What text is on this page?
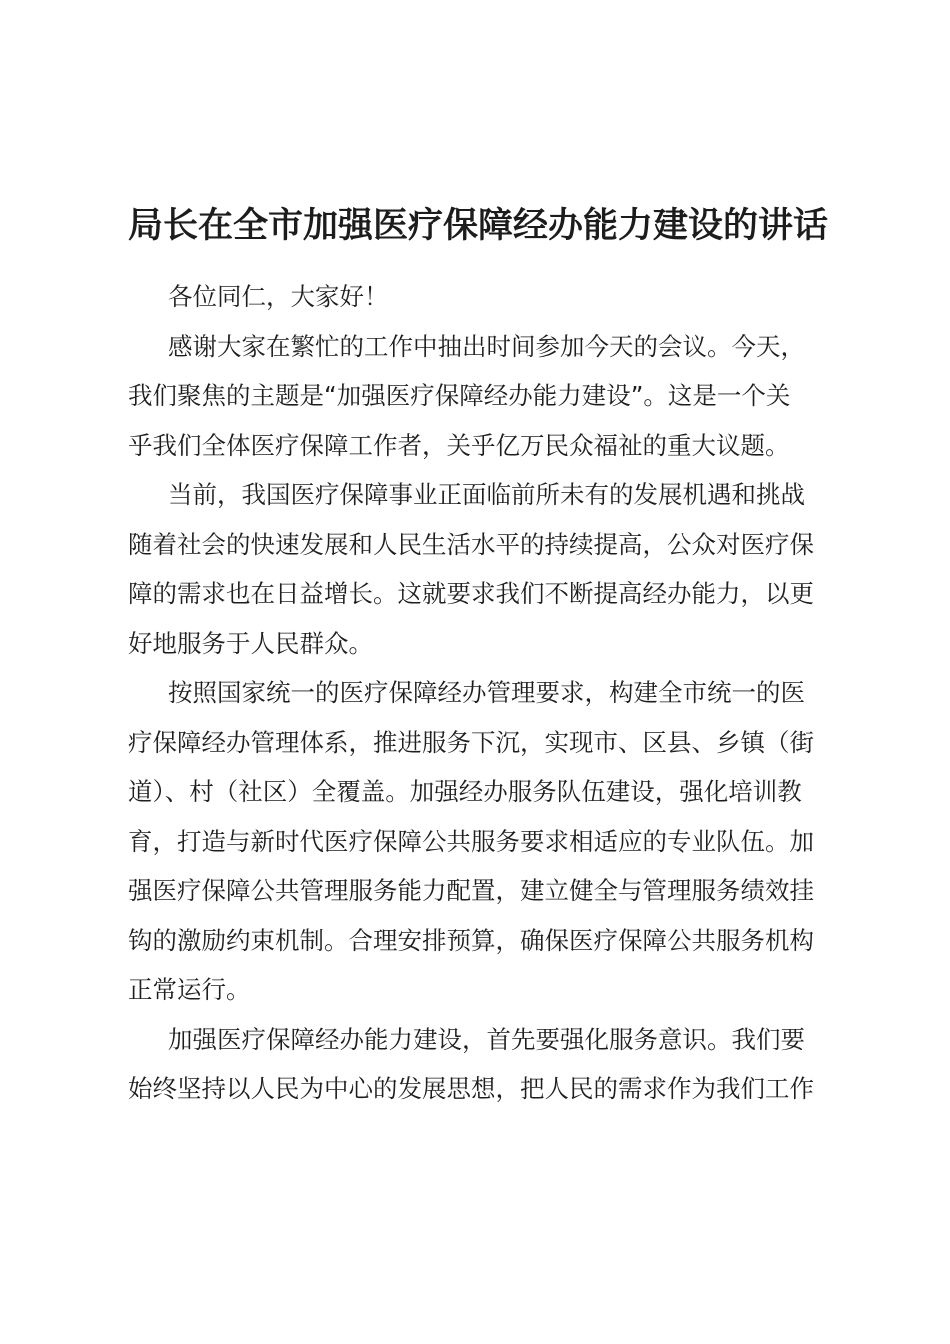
局长在全市加强医疗保障经办能力建设的讲话
各位同仁，大家好！
感谢大家在繁忙的工作中抽出时间参加今天的会议。今天，
我们聚焦的主题是“加强医疗保障经办能力建设”。这是一个关
乎我们全体医疗保障工作者，关乎亿万民众福祉的重大议题。
当前，我国医疗保障事业正面临前所未有的发展机遇和挑战
随着社会的快速发展和人民生活水平的持续提高，公众对医疗保
障的需求也在日益增长。这就要求我们不断提高经办能力，以更
好地服务于人民群众。
按照国家统一的医疗保障经办管理要求，构建全市统一的医
疗保障经办管理体系，推进服务下沉，实现市、区县、乡镇（街
道）、村（社区）全覆盖。加强经办服务队伍建设，强化培训教
育，打造与新时代医疗保障公共服务要求相适应的专业队伍。加
强医疗保障公共管理服务能力配置，建立健全与管理服务绩效挂
钩的激励约束机制。合理安排预算，确保医疗保障公共服务机构
正常运行。
加强医疗保障经办能力建设，首先要强化服务意识。我们要
始终坚持以人民为中心的发展思想，把人民的需求作为我们工作
